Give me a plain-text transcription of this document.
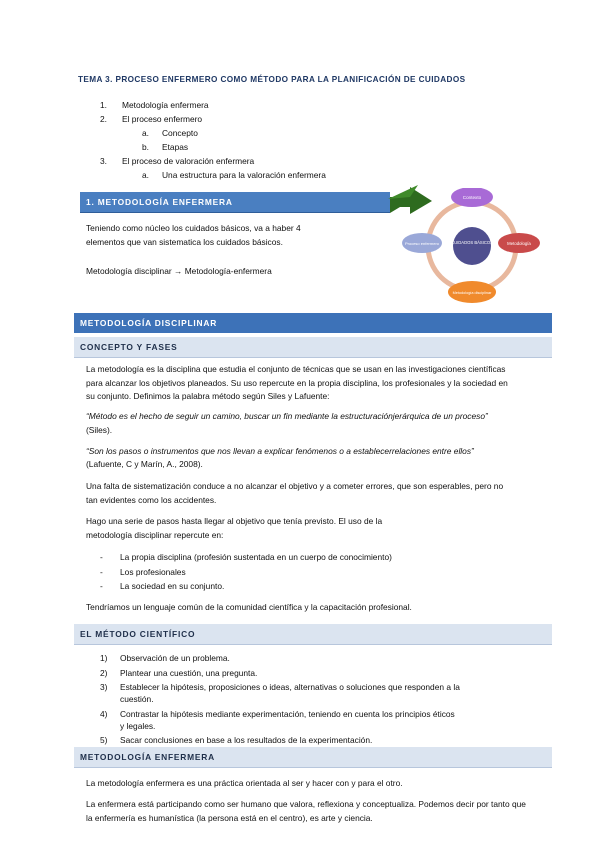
TEMA 3. PROCESO ENFERMERO COMO MÉTODO PARA LA PLANIFICACIÓN DE CUIDADOS
1. Metodología enfermera
2. El proceso enfermero
a. Concepto
b. Etapas
3. El proceso de valoración enfermera
a. Una estructura para la valoración enfermera
1. METODOLOGÍA ENFERMERA
Teniendo como núcleo los cuidados básicos, va a haber 4 elementos que van sistematica los cuidados básicos.
Metodología disciplinar → Metodología-enfermera
CUIDADOS BÁSICOS
Contexto
Metodología
Metodología disciplinar
Proceso enfermero
METODOLOGÍA DISCIPLINAR
CONCEPTO Y FASES
La metodología es la disciplina que estudia el conjunto de técnicas que se usan en las investigaciones científicas para alcanzar los objetivos planeados. Su uso repercute en la propia disciplina, los profesionales y la sociedad en su conjunto. Definimos la palabra método según Siles y Lafuente:
“Método es el hecho de seguir un camino, buscar un fin mediante la estructuraciónjerárquica de un proceso” (Siles).
“Son los pasos o instrumentos que nos llevan a explicar fenómenos o a establecerrelaciones entre ellos”
(Lafuente, C y Marín, A., 2008).
Una falta de sistematización conduce a no alcanzar el objetivo y a cometer errores, que son esperables, pero no tan evidentes como los accidentes.
Hago una serie de pasos hasta llegar al objetivo que tenía previsto. El uso de la metodología disciplinar repercute en:
- La propia disciplina (profesión sustentada en un cuerpo de conocimiento)
- Los profesionales
- La sociedad en su conjunto.
Tendríamos un lenguaje común de la comunidad científica y la capacitación profesional.
EL MÉTODO CIENTÍFICO
1) Observación de un problema.
2) Plantear una cuestión, una pregunta.
3) Establecer la hipótesis, proposiciones o ideas, alternativas o soluciones que responden a la cuestión.
4) Contrastar la hipótesis mediante experimentación, teniendo en cuenta los principios éticos y legales.
5) Sacar conclusiones en base a los resultados de la experimentación.
METODOLOGÍA ENFERMERA
La metodología enfermera es una práctica orientada al ser y hacer con y para el otro.
La enfermera está participando como ser humano que valora, reflexiona y conceptualiza. Podemos decir por tanto que la enfermería es humanística (la persona está en el centro), es arte y ciencia.
